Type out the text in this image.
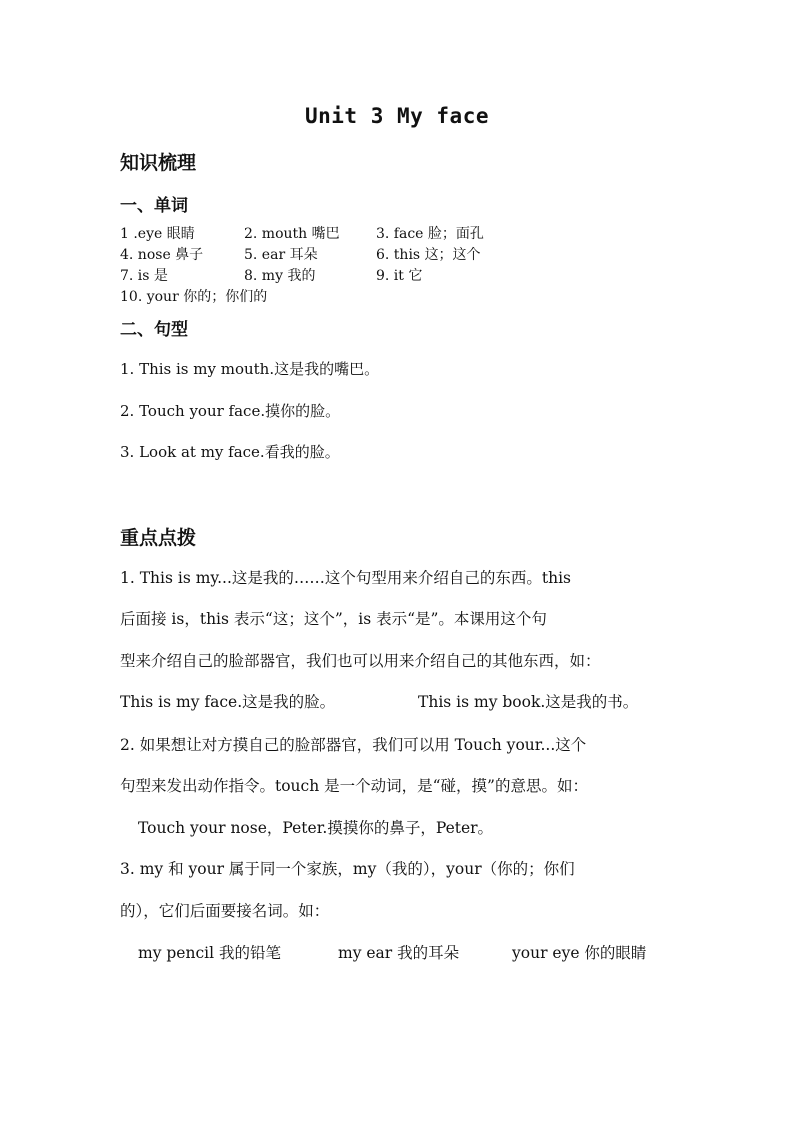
Unit 3 My face
知识梳理
一、单词
1 .eye 眼睛	2. mouth 嘴巴	3. face 脸；面孔
4. nose 鼻子	5. ear 耳朵	6. this 这；这个
7. is 是	8. my 我的	9. it 它
10. your 你的；你们的
二、句型
1. This is my mouth.这是我的嘴巴。
2. Touch your face.摸你的脸。
3. Look at my face.看我的脸。
重点点拨
1. This is my...这是我的……这个句型用来介绍自己的东西。this
后面接 is，this 表示“这；这个”，is 表示“是”。本课用这个句
型来介绍自己的脸部器官，我们也可以用来介绍自己的其他东西，如：
This is my face.这是我的脸。	This is my book.这是我的书。
2. 如果想让对方摸自己的脸部器官，我们可以用 Touch your...这个
句型来发出动作指令。touch 是一个动词，是“碰，摸”的意思。如：
Touch your nose，Peter.摸摸你的鼻子，Peter。
3. my 和 your 属于同一个家族，my（我的），your（你的；你们
的），它们后面要接名词。如：
my pencil 我的铅笔	my ear 我的耳朵	your eye 你的眼睛
